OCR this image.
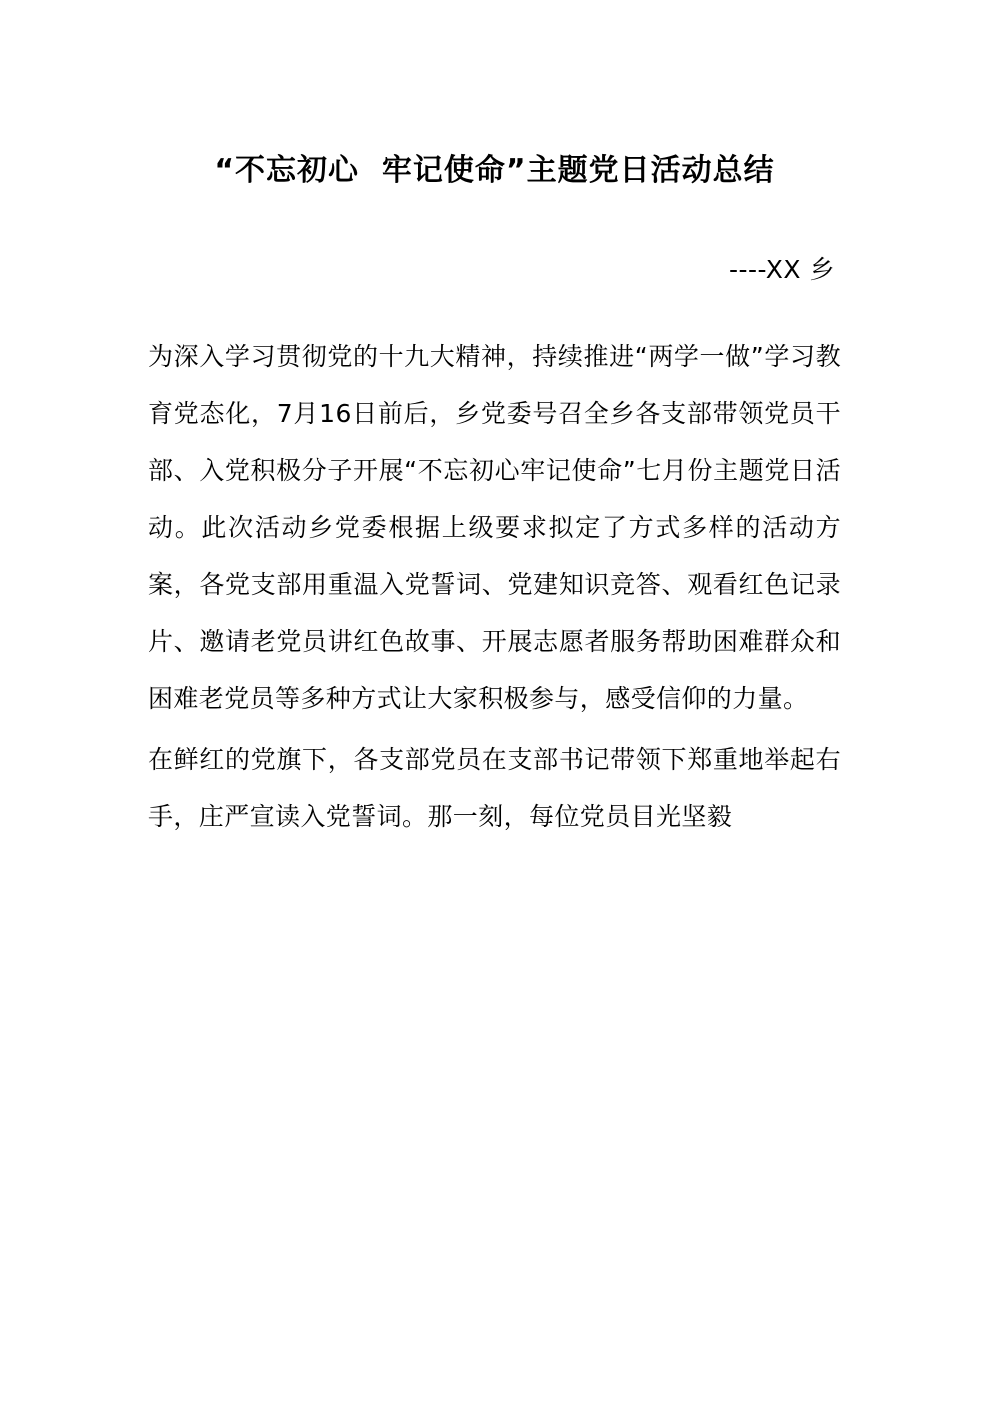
“不忘初心  牢记使命”主题党日活动总结
----XX 乡

为深入学习贯彻党的十九大精神，持续推进“两学一做”学习教育党态化，7月16日前后，乡党委号召全乡各支部带领党员干部、入党积极分子开展“不忘初心牢记使命”七月份主题党日活动。此次活动乡党委根据上级要求拟定了方式多样的活动方案，各党支部用重温入党誓词、党建知识竞答、观看红色记录片、邀请老党员讲红色故事、开展志愿者服务帮助困难群众和困难老党员等多种方式让大家积极参与，感受信仰的力量。

在鲜红的党旗下，各支部党员在支部书记带领下郑重地举起右手，庄严宣读入党誓词。那一刻，每位党员目光坚毅
